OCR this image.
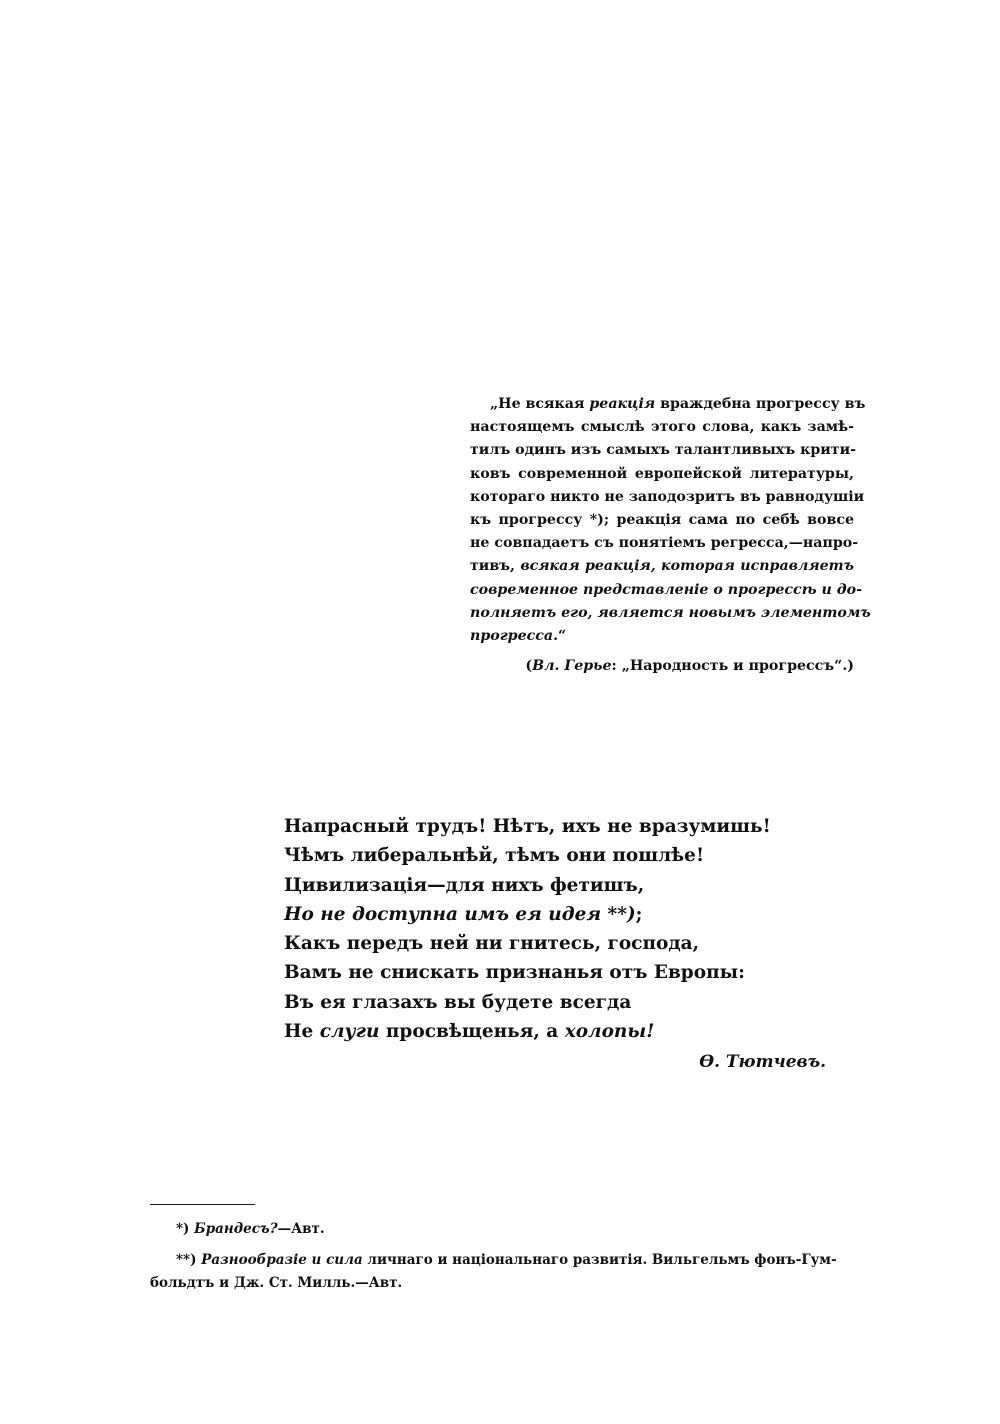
„Не всякая реакція враждебна прогрессу въ
настоящемъ смыслѣ этого слова, какъ замѣ-
тилъ одинъ изъ самыхъ талантливыхъ крити-
ковъ современной европейской литературы,
котораго никто не заподозритъ въ равнодушіи
къ прогрессу *); реакція сама по себѣ вовсе
не совпадаетъ съ понятіемъ регресса,—напро-
тивъ, всякая реакція, которая исправляетъ
современное представленіе о прогрессѣ и до-
полняетъ его, является новымъ элементомъ
прогресса.“
(Вл. Герье: „Народность и прогрессъ“.)
Напрасный трудъ! Нѣтъ, ихъ не вразумишь!
Чѣмъ либеральнѣй, тѣмъ они пошлѣе!
Цивилизація—для нихъ фетишъ,
Но не доступна имъ ея идея **);
Какъ передъ ней ни гнитесь, господа,
Вамъ не снискать признанья отъ Европы:
Въ ея глазахъ вы будете всегда
Не слуги просвѣщенья, а холопы!
Ѳ. Тютчевъ.
*) Брандесъ?—Авт.
**) Разнообразіе и сила личнаго и національнаго развитія. Вильгельмъ фонъ-Гум-
больдтъ и Дж. Ст. Милль.—Авт.
